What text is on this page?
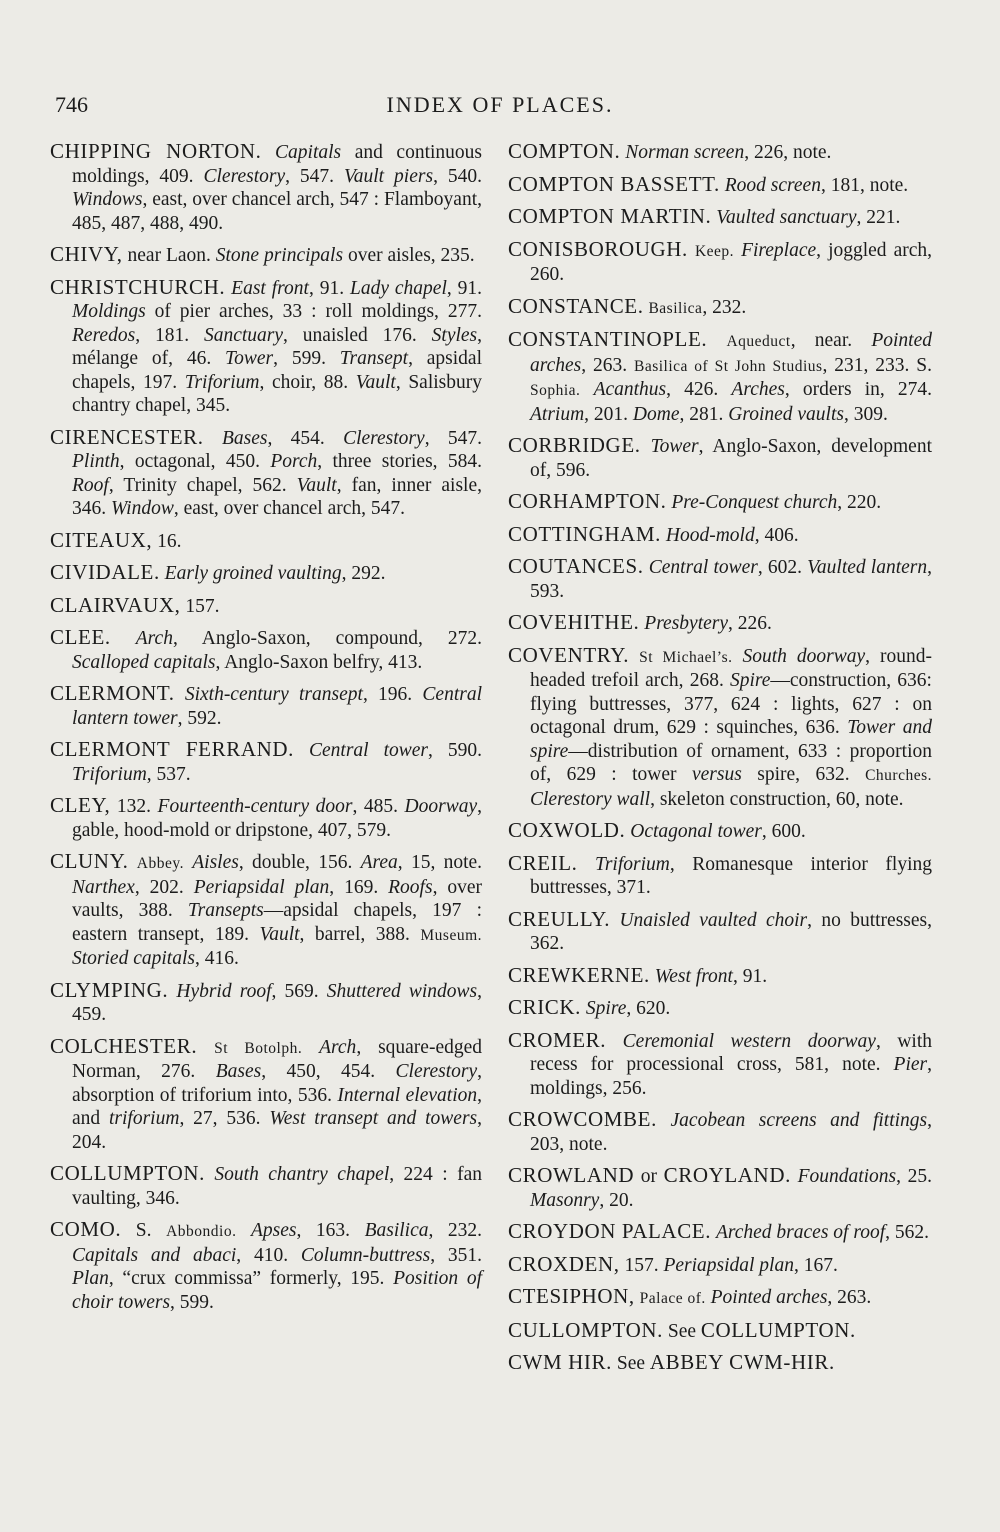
746	INDEX OF PLACES.

CHIPPING NORTON. Capitals and continuous moldings, 409. Clerestory, 547. Vault piers, 540. Windows, east, over chancel arch, 547 : Flamboyant, 485, 487, 488, 490.

CHIVY, near Laon. Stone principals over aisles, 235.

CHRISTCHURCH. East front, 91. Lady chapel, 91. Moldings of pier arches, 33 : roll moldings, 277. Reredos, 181. Sanctuary, unaisled 176. Styles, mélange of, 46. Tower, 599. Transept, apsidal chapels, 197. Triforium, choir, 88. Vault, Salisbury chantry chapel, 345.

CIRENCESTER. Bases, 454. Clerestory, 547. Plinth, octagonal, 450. Porch, three stories, 584. Roof, Trinity chapel, 562. Vault, fan, inner aisle, 346. Window, east, over chancel arch, 547.

CITEAUX, 16.

CIVIDALE. Early groined vaulting, 292.

CLAIRVAUX, 157.

CLEE. Arch, Anglo-Saxon, compound, 272. Scalloped capitals, Anglo-Saxon belfry, 413.

CLERMONT. Sixth-century transept, 196. Central lantern tower, 592.

CLERMONT FERRAND. Central tower, 590. Triforium, 537.

CLEY, 132. Fourteenth-century door, 485. Doorway, gable, hood-mold or dripstone, 407, 579.

CLUNY. Abbey. Aisles, double, 156. Area, 15, note. Narthex, 202. Periapsidal plan, 169. Roofs, over vaults, 388. Transepts—apsidal chapels, 197 : eastern transept, 189. Vault, barrel, 388. Museum. Storied capitals, 416.

CLYMPING. Hybrid roof, 569. Shuttered windows, 459.

COLCHESTER. St Botolph. Arch, square-edged Norman, 276. Bases, 450, 454. Clerestory, absorption of triforium into, 536. Internal elevation, and triforium, 27, 536. West transept and towers, 204.

COLLUMPTON. South chantry chapel, 224 : fan vaulting, 346.

COMO. S. Abbondio. Apses, 163. Basilica, 232. Capitals and abaci, 410. Column-buttress, 351. Plan, “crux commissa” formerly, 195. Position of choir towers, 599.

COMPTON. Norman screen, 226, note.

COMPTON BASSETT. Rood screen, 181, note.

COMPTON MARTIN. Vaulted sanctuary, 221.

CONISBOROUGH. Keep. Fireplace, joggled arch, 260.

CONSTANCE. Basilica, 232.

CONSTANTINOPLE. Aqueduct, near. Pointed arches, 263. Basilica of St John Studius, 231, 233. S. Sophia. Acanthus, 426. Arches, orders in, 274. Atrium, 201. Dome, 281. Groined vaults, 309.

CORBRIDGE. Tower, Anglo-Saxon, development of, 596.

CORHAMPTON. Pre-Conquest church, 220.

COTTINGHAM. Hood-mold, 406.

COUTANCES. Central tower, 602. Vaulted lantern, 593.

COVEHITHE. Presbytery, 226.

COVENTRY. St Michael’s. South doorway, round-headed trefoil arch, 268. Spire—construction, 636: flying buttresses, 377, 624 : lights, 627 : on octagonal drum, 629 : squinches, 636. Tower and spire—distribution of ornament, 633 : proportion of, 629 : tower versus spire, 632. Churches. Clerestory wall, skeleton construction, 60, note.

COXWOLD. Octagonal tower, 600.

CREIL. Triforium, Romanesque interior flying buttresses, 371.

CREULLY. Unaisled vaulted choir, no buttresses, 362.

CREWKERNE. West front, 91.

CRICK. Spire, 620.

CROMER. Ceremonial western doorway, with recess for processional cross, 581, note. Pier, moldings, 256.

CROWCOMBE. Jacobean screens and fittings, 203, note.

CROWLAND or CROYLAND. Foundations, 25. Masonry, 20.

CROYDON PALACE. Arched braces of roof, 562.

CROXDEN, 157. Periapsidal plan, 167.

CTESIPHON, Palace of. Pointed arches, 263.

CULLOMPTON. See COLLUMPTON.

CWM HIR. See ABBEY CWM-HIR.
